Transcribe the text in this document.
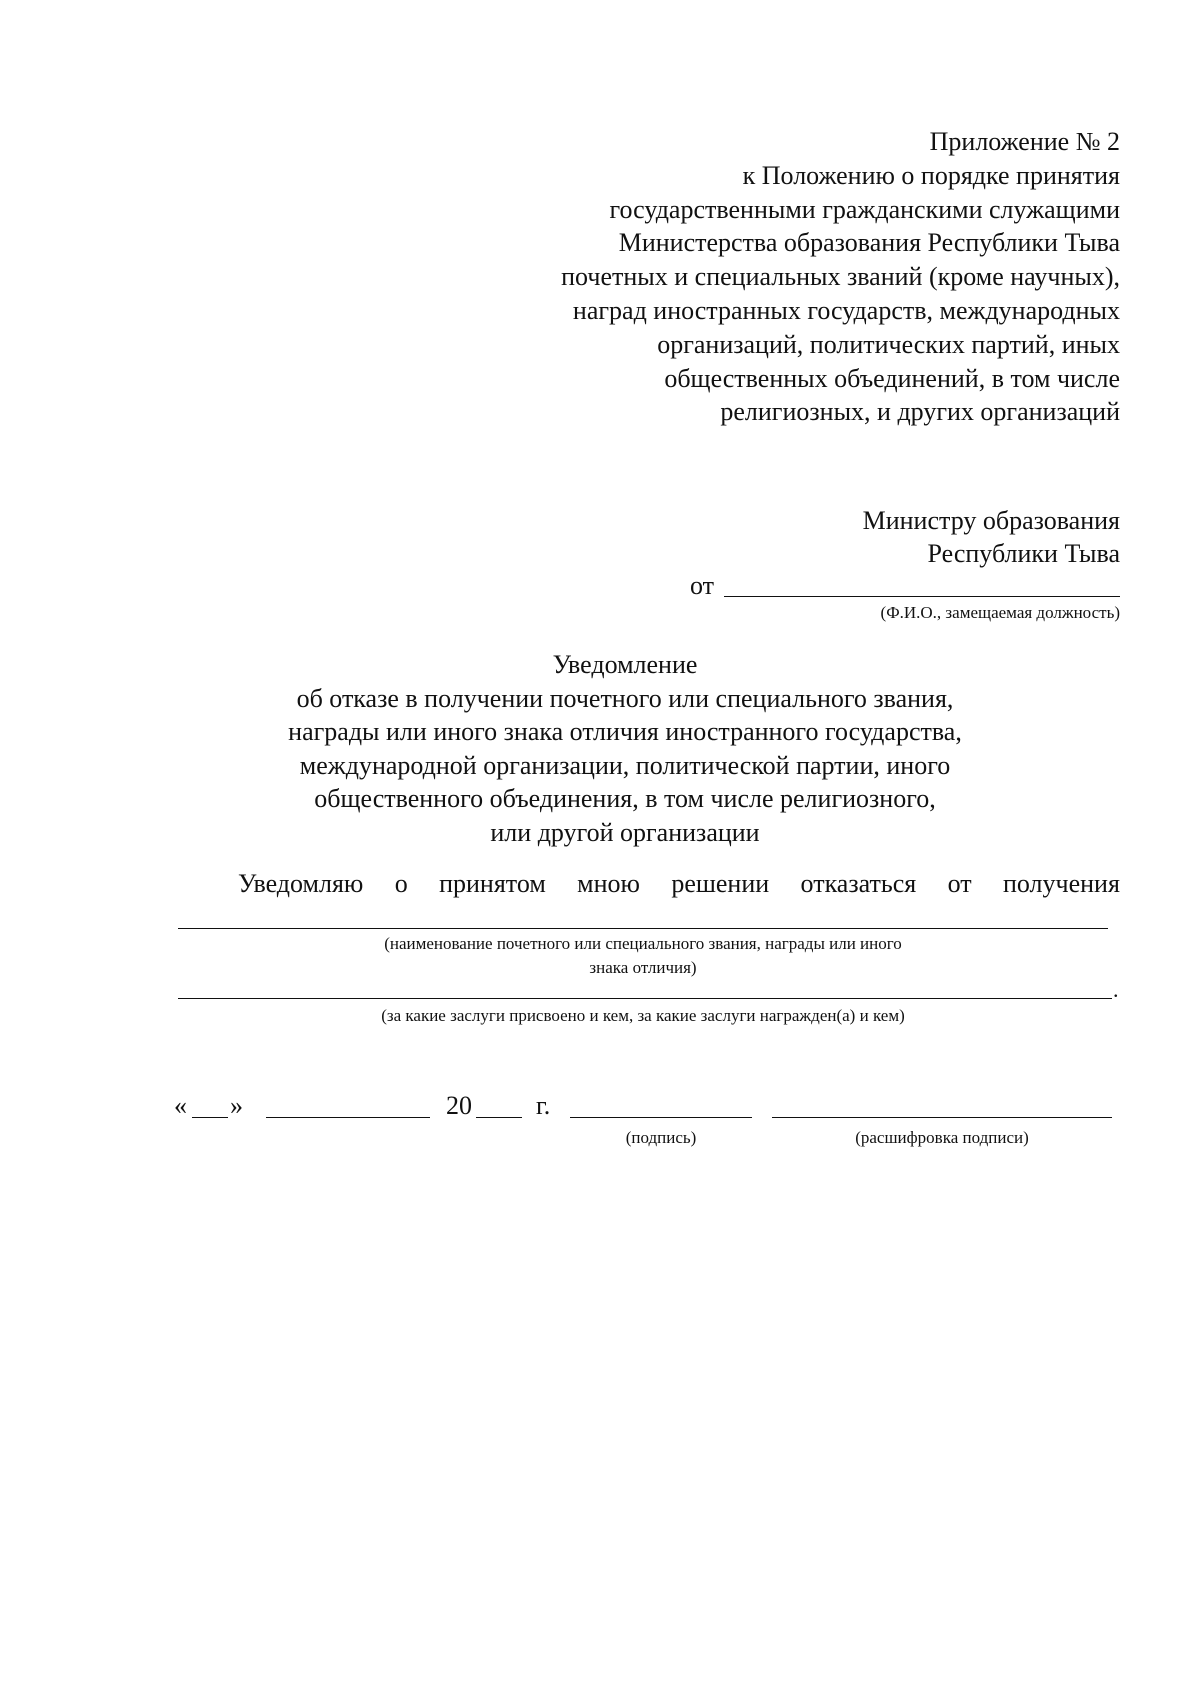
Приложение № 2
к Положению о порядке принятия
государственными гражданскими служащими
Министерства образования Республики Тыва
почетных и специальных званий (кроме научных),
наград иностранных государств, международных
организаций, политических партий, иных
общественных объединений, в том числе
религиозных, и других организаций
Министру образования
Республики Тыва
от
(Ф.И.О., замещаемая должность)
Уведомление
об отказе в получении почетного или специального звания,
награды или иного знака отличия иностранного государства,
международной организации, политической партии, иного
общественного объединения, в том числе религиозного,
или другой организации
Уведомляю о принятом мною решении отказаться от получения
(наименование почетного или специального звания, награды или иного
знака отличия)
.
(за какие заслуги присвоено и кем, за какие заслуги награжден(а) и кем)
« »	20 г.
(подпись)	(расшифровка подписи)
